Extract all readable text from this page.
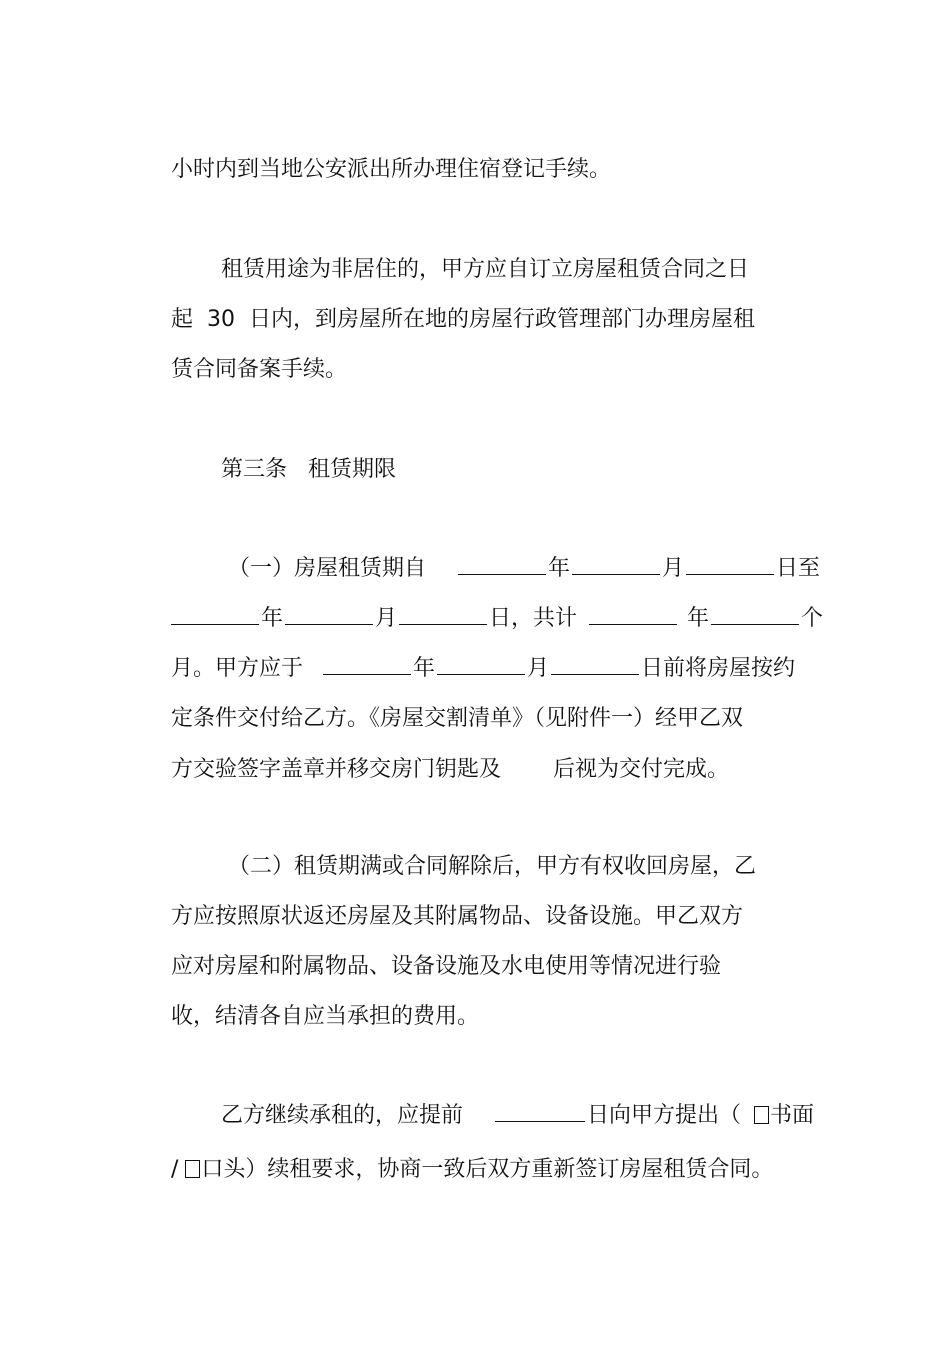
小时内到当地公安派出所办理住宿登记手续。

租赁用途为非居住的，甲方应自订立房屋租赁合同之日

起  30  日内，到房屋所在地的房屋行政管理部门办理房屋租

赁合同备案手续。

第三条   租赁期限

（一）房屋租赁期自	年	月	日至

年	月	日，共计	年	个

月。甲方应于	年	月	日前将房屋按约

定条件交付给乙方。《房屋交割清单》（见附件一）经甲乙双

方交验签字盖章并移交房门钥匙及 后视为交付完成。

（二）租赁期满或合同解除后，甲方有权收回房屋，乙

方应按照原状返还房屋及其附属物品、设备设施。甲乙双方

应对房屋和附属物品、设备设施及水电使用等情况进行验

收，结清各自应当承担的费用。

乙方继续承租的，应提前	日向甲方提出（ 书面

/ 口头）续租要求，协商一致后双方重新签订房屋租赁合同。
